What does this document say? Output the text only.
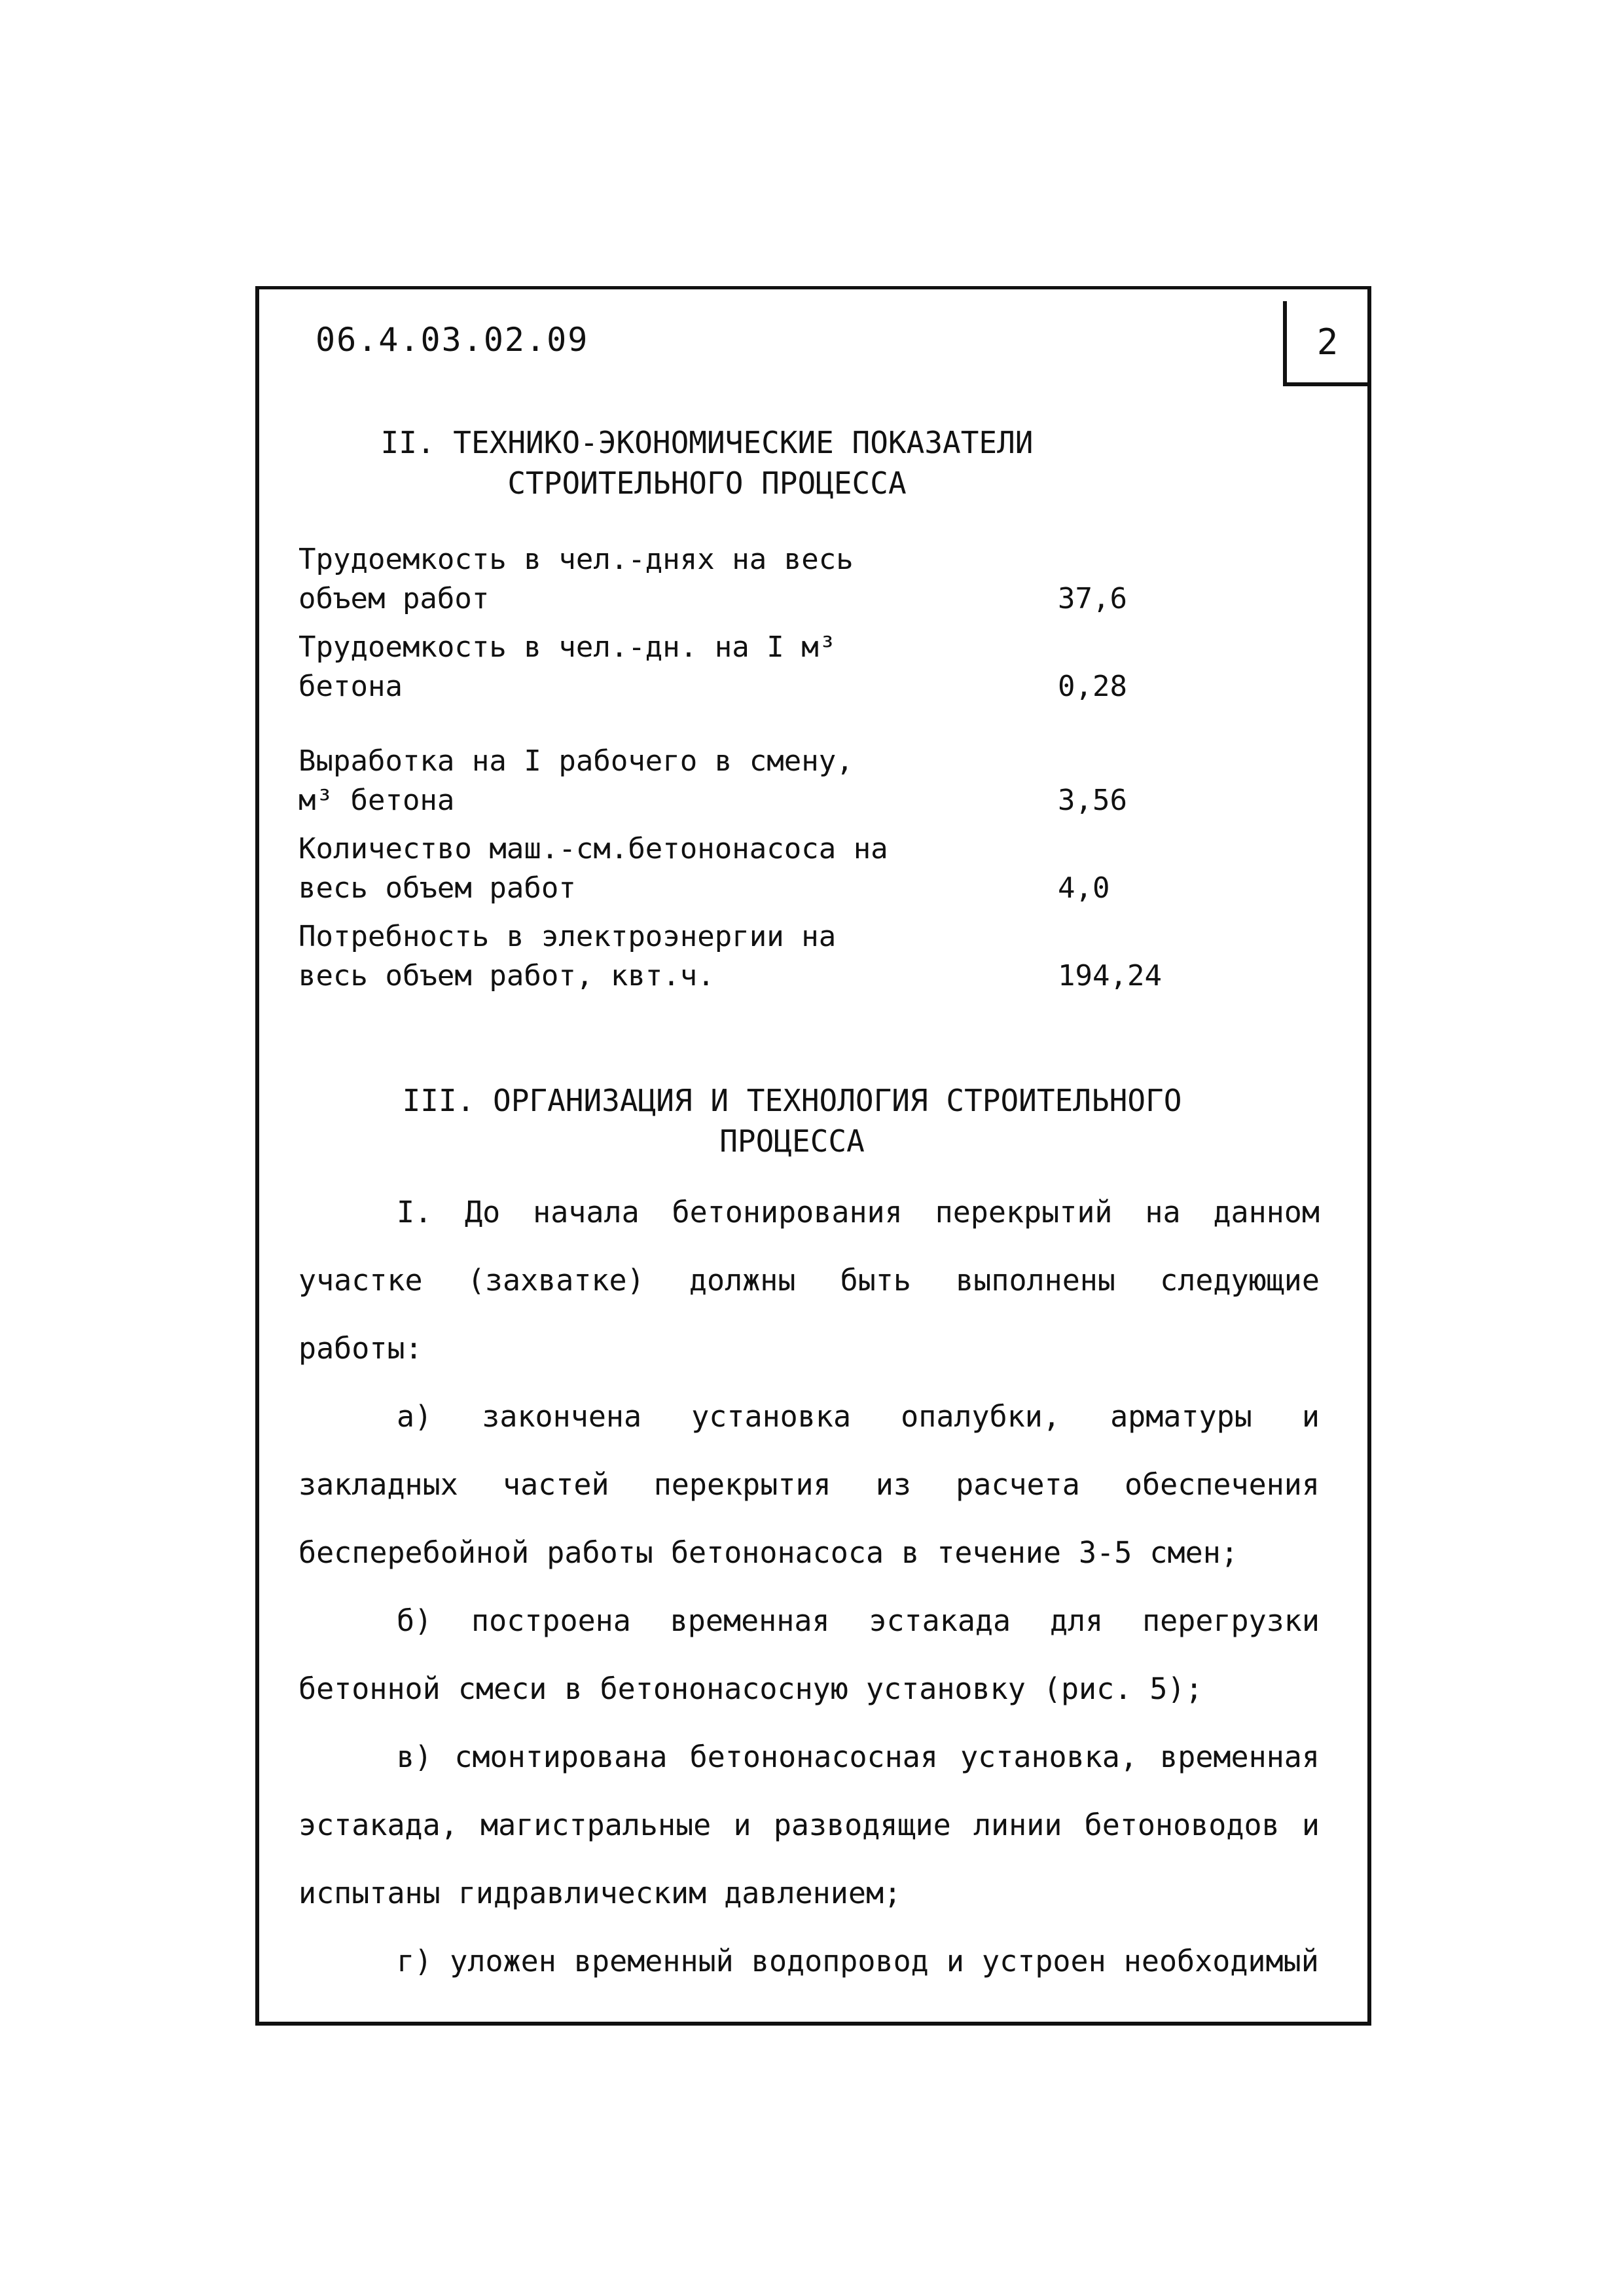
06.4.03.02.09	2
II. ТЕХНИКО-ЭКОНОМИЧЕСКИЕ ПОКАЗАТЕЛИ
СТРОИТЕЛЬНОГО ПРОЦЕССА
Трудоемкость в чел.-днях на весь
объем работ	37,6
Трудоемкость в чел.-дн. на I м³
бетона	0,28
Выработка на I рабочего в смену,
м³ бетона	3,56
Количество маш.-см.бетононасоса на
весь объем работ	4,0
Потребность в электроэнергии на
весь объем работ, квт.ч.	194,24
III. ОРГАНИЗАЦИЯ И ТЕХНОЛОГИЯ СТРОИТЕЛЬНОГО
ПРОЦЕССА

I. До начала бетонирования перекрытий на данном участке (захватке) должны быть выполнены следующие работы:

а) закончена установка опалубки, арматуры и закладных частей перекрытия из расчета обеспечения бесперебойной работы бетононасоса в течение 3-5 смен;

б) построена временная эстакада для перегрузки бетонной смеси в бетононасосную установку (рис. 5);

в) смонтирована бетононасосная установка, временная эстакада, магистральные и разводящие линии бетоноводов и испытаны гидравлическим давлением;

г) уложен временный водопровод и устроен необходимый
